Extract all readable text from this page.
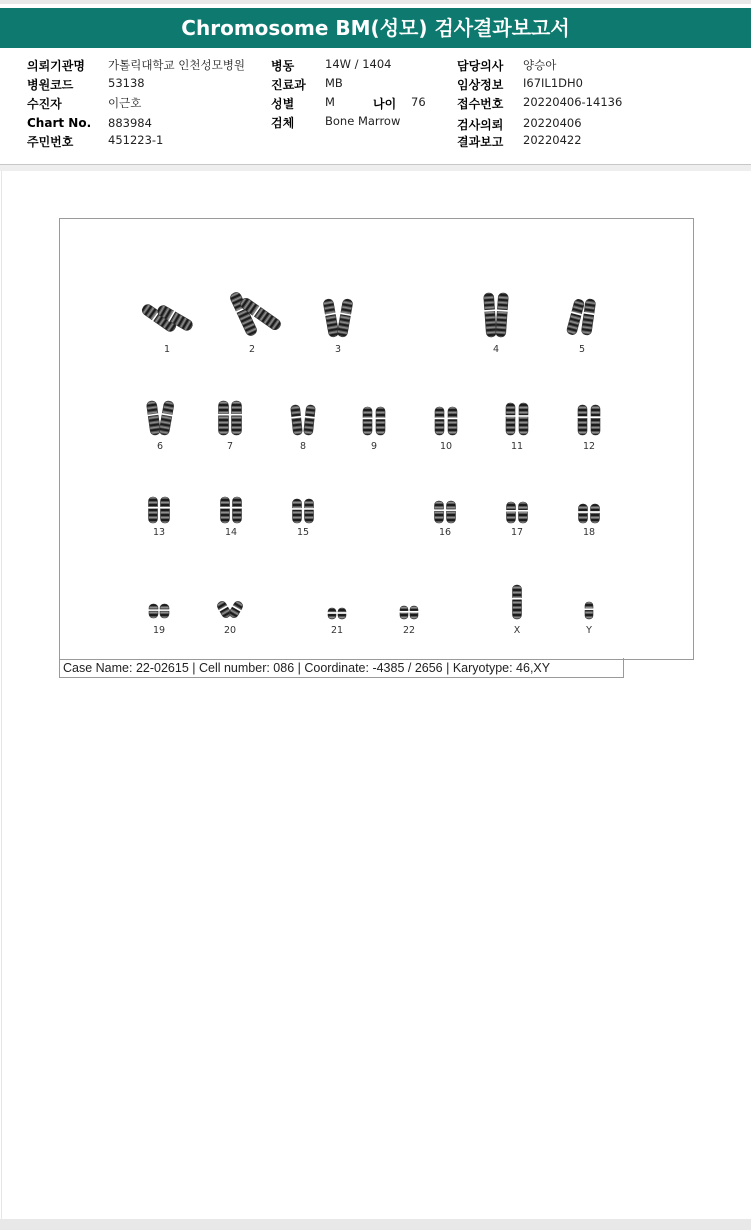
Chromosome BM(성모) 검사결과보고서
의뢰기관명 가톨릭대학교 인천성모병원
병원코드	53138
수진자	이근호
Chart No. 883984
주민번호	451223-1
병동	14W / 1404
진료과 MB
성별	M	나이 76
검체	Bone Marrow
담당의사 양승아
임상정보 I67IL1DH0
접수번호 20220406-14136
검사의뢰 20220406
결과보고 20220422
1	2	3	4	5
6	7	8	9	10	11	12
13	14	15	16	17	18
19	20	21	22	X	Y
Case Name: 22-02615 | Cell number: 086 | Coordinate: -4385 / 2656 | Karyotype: 46,XY
